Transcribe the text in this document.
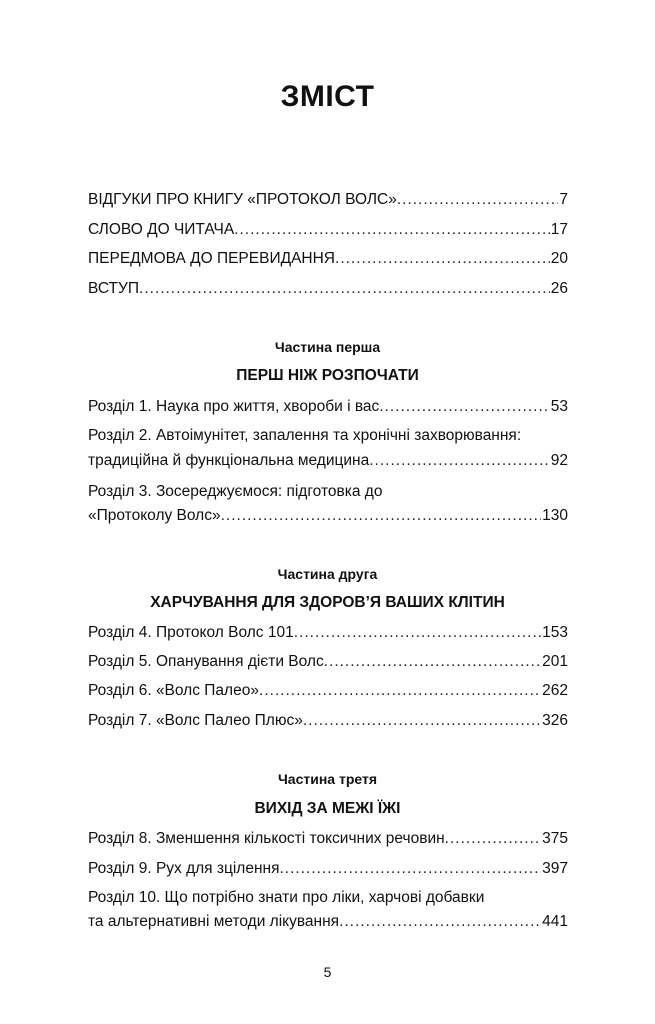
ЗМІСТ
ВІДГУКИ ПРО КНИГУ «ПРОТОКОЛ ВОЛС» .....	7
СЛОВО ДО ЧИТАЧА .....	17
ПЕРЕДМОВА ДО ПЕРЕВИДАННЯ .....	20
ВСТУП .....	26
Частина перша
ПЕРШ НІЖ РОЗПОЧАТИ
Розділ 1. Наука про життя, хвороби і вас .....	53
Розділ 2. Автоімунітет, запалення та хронічні захворювання:
традиційна й функціональна медицина .....	92
Розділ 3. Зосереджуємося: підготовка до
«Протоколу Волс» .....	130
Частина друга
ХАРЧУВАННЯ ДЛЯ ЗДОРОВ’Я ВАШИХ КЛІТИН
Розділ 4. Протокол Волс 101 .....	153
Розділ 5. Опанування дієти Волс .....	201
Розділ 6. «Волс Палео» .....	262
Розділ 7. «Волс Палео Плюс» .....	326
Частина третя
ВИХІД ЗА МЕЖІ ЇЖІ
Розділ 8. Зменшення кількості токсичних речовин .....	375
Розділ 9. Рух для зцілення .....	397
Розділ 10. Що потрібно знати про ліки, харчові добавки
та альтернативні методи лікування .....	441
5
